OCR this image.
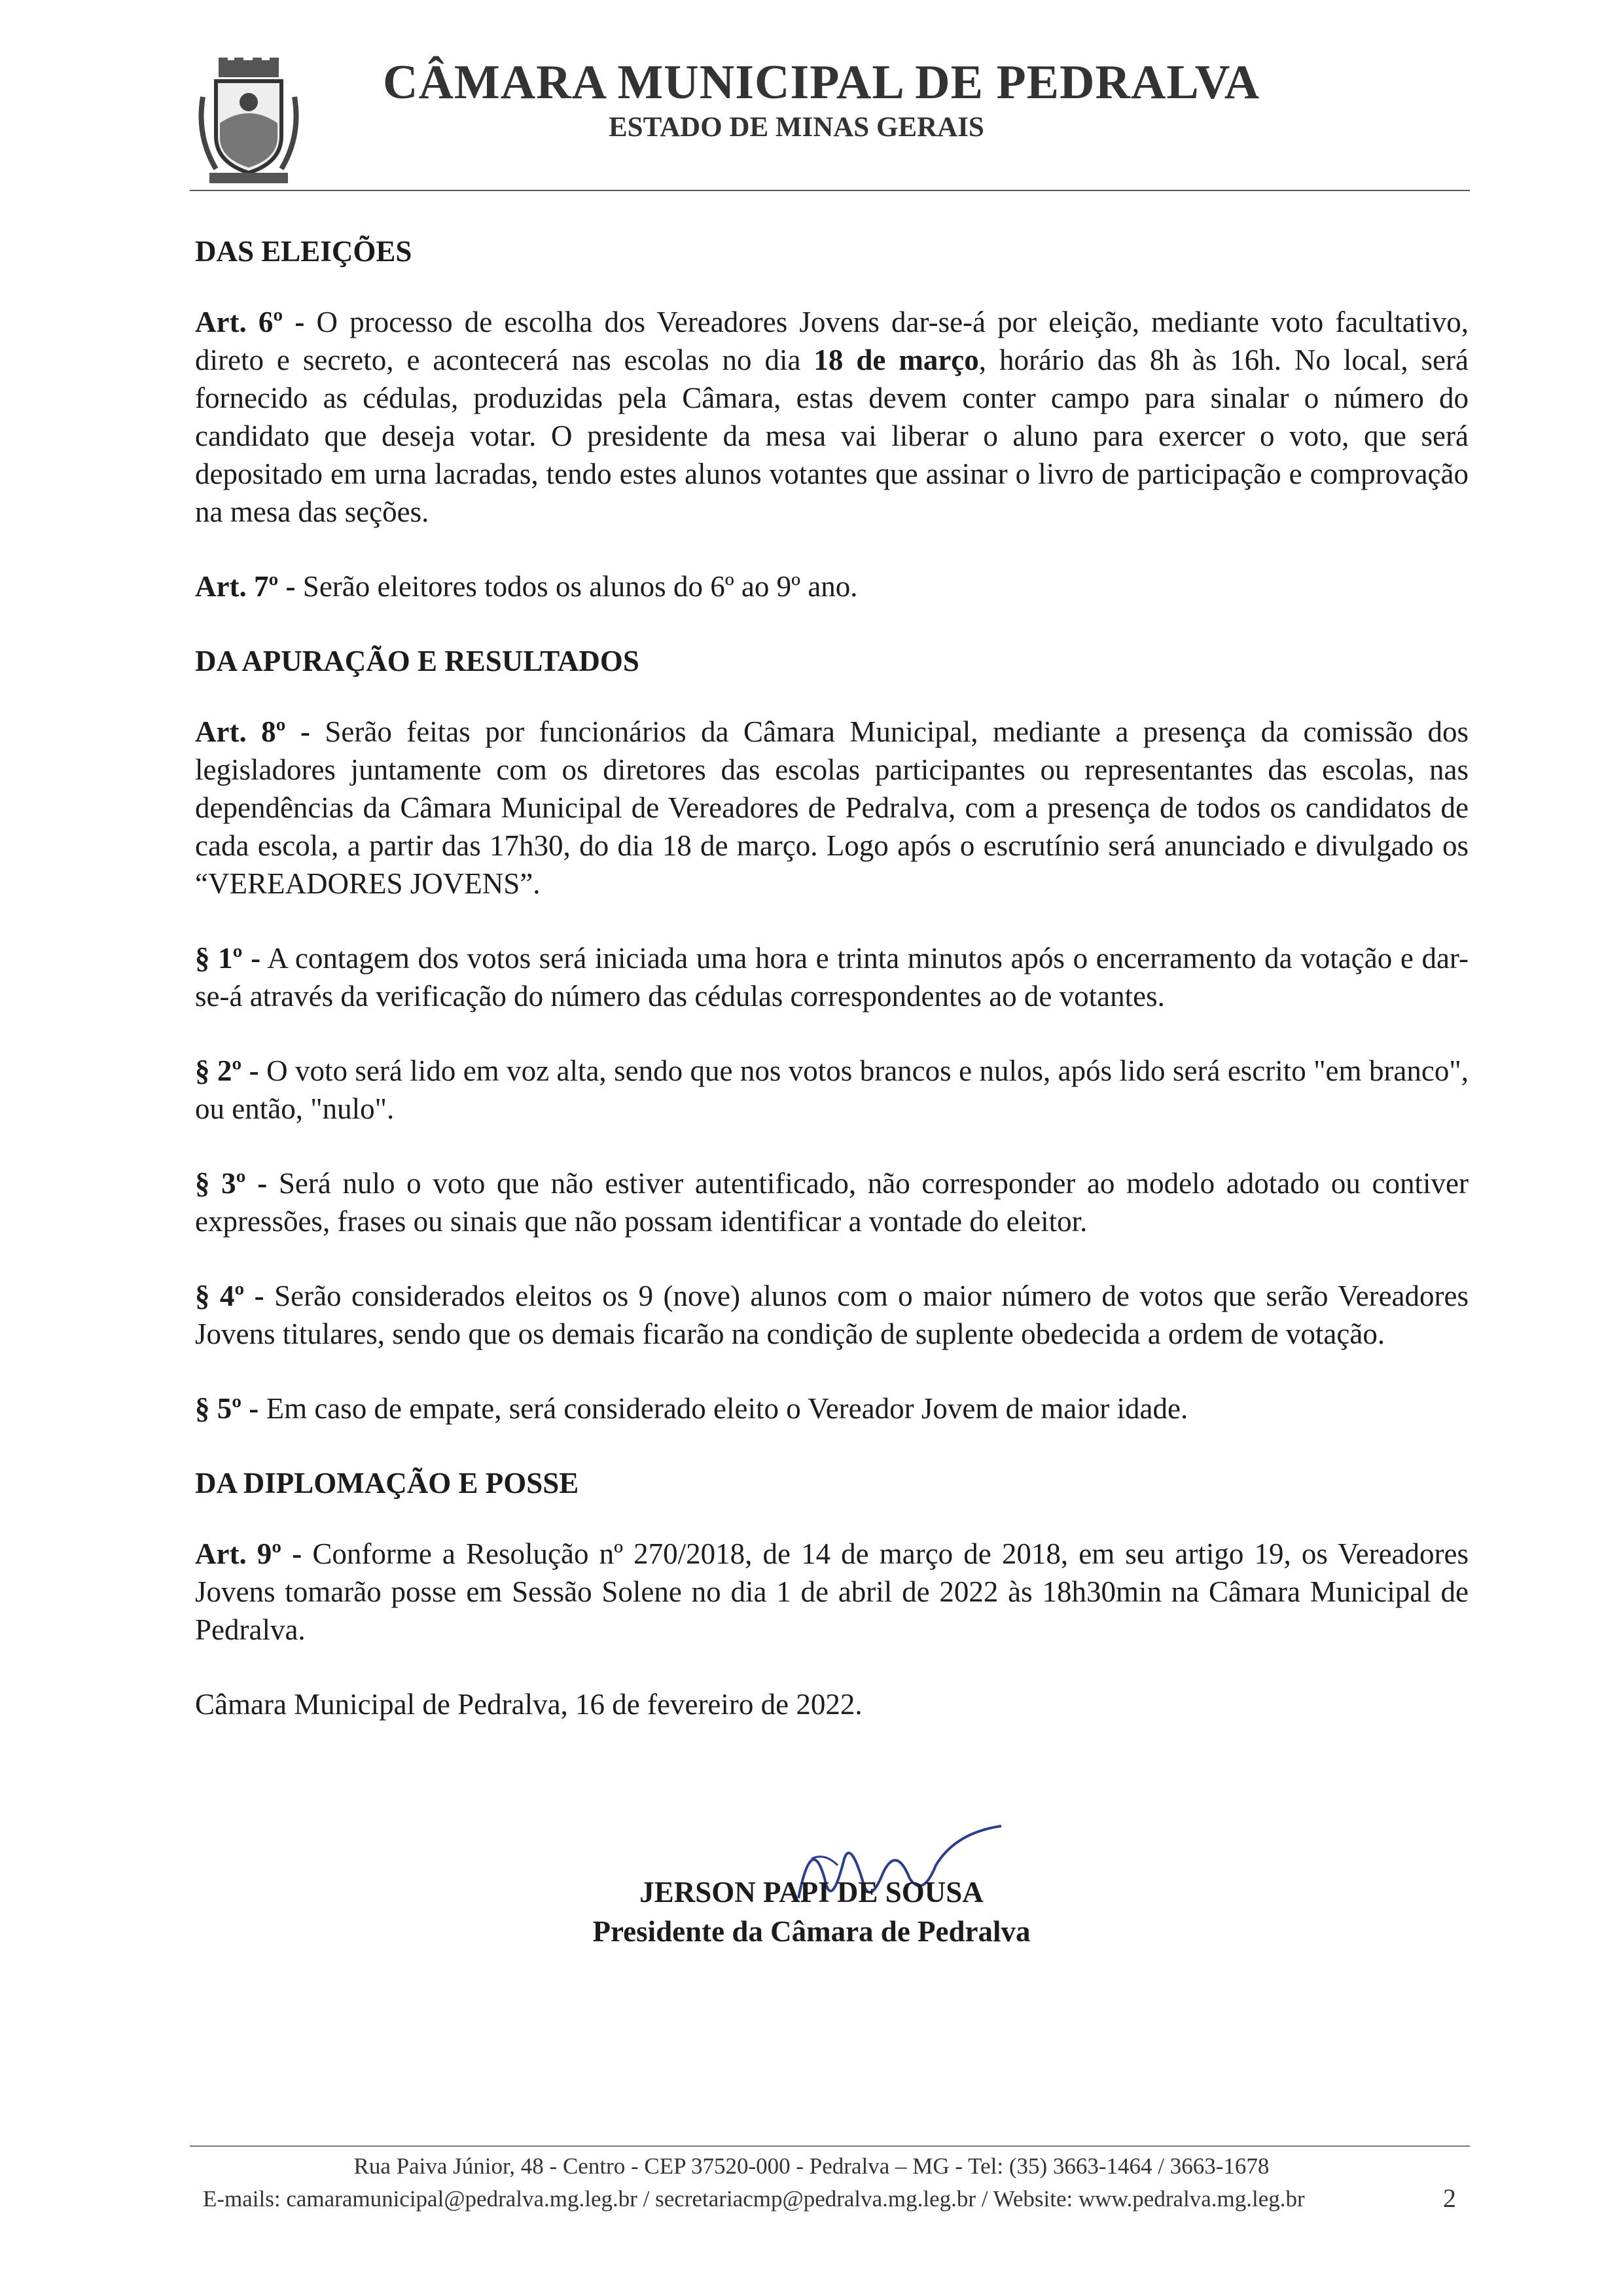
CÂMARA MUNICIPAL DE PEDRALVA
ESTADO DE MINAS GERAIS
DAS ELEIÇÕES

Art. 6º - O processo de escolha dos Vereadores Jovens dar-se-á por eleição, mediante voto facultativo, direto e secreto, e acontecerá nas escolas no dia 18 de março, horário das 8h às 16h. No local, será fornecido as cédulas, produzidas pela Câmara, estas devem conter campo para sinalar o número do candidato que deseja votar. O presidente da mesa vai liberar o aluno para exercer o voto, que será depositado em urna lacradas, tendo estes alunos votantes que assinar o livro de participação e comprovação na mesa das seções.

Art. 7º - Serão eleitores todos os alunos do 6º ao 9º ano.

DA APURAÇÃO E RESULTADOS

Art. 8º - Serão feitas por funcionários da Câmara Municipal, mediante a presença da comissão dos legisladores juntamente com os diretores das escolas participantes ou representantes das escolas, nas dependências da Câmara Municipal de Vereadores de Pedralva, com a presença de todos os candidatos de cada escola, a partir das 17h30, do dia 18 de março. Logo após o escrutínio será anunciado e divulgado os “VEREADORES JOVENS”.

§ 1º - A contagem dos votos será iniciada uma hora e trinta minutos após o encerramento da votação e dar-se-á através da verificação do número das cédulas correspondentes ao de votantes.

§ 2º - O voto será lido em voz alta, sendo que nos votos brancos e nulos, após lido será escrito "em branco", ou então, "nulo".

§ 3º - Será nulo o voto que não estiver autentificado, não corresponder ao modelo adotado ou contiver expressões, frases ou sinais que não possam identificar a vontade do eleitor.

§ 4º - Serão considerados eleitos os 9 (nove) alunos com o maior número de votos que serão Vereadores Jovens titulares, sendo que os demais ficarão na condição de suplente obedecida a ordem de votação.

§ 5º - Em caso de empate, será considerado eleito o Vereador Jovem de maior idade.

DA DIPLOMAÇÃO E POSSE

Art. 9º - Conforme a Resolução nº 270/2018, de 14 de março de 2018, em seu artigo 19, os Vereadores Jovens tomarão posse em Sessão Solene no dia 1 de abril de 2022 às 18h30min na Câmara Municipal de Pedralva.

Câmara Municipal de Pedralva, 16 de fevereiro de 2022.

JERSON PAPI DE SOUSA
Presidente da Câmara de Pedralva
Rua Paiva Júnior, 48 - Centro - CEP 37520-000 - Pedralva – MG - Tel: (35) 3663-1464 / 3663-1678
E-mails: camaramunicipal@pedralva.mg.leg.br / secretariacmp@pedralva.mg.leg.br / Website: www.pedralva.mg.leg.br	2
